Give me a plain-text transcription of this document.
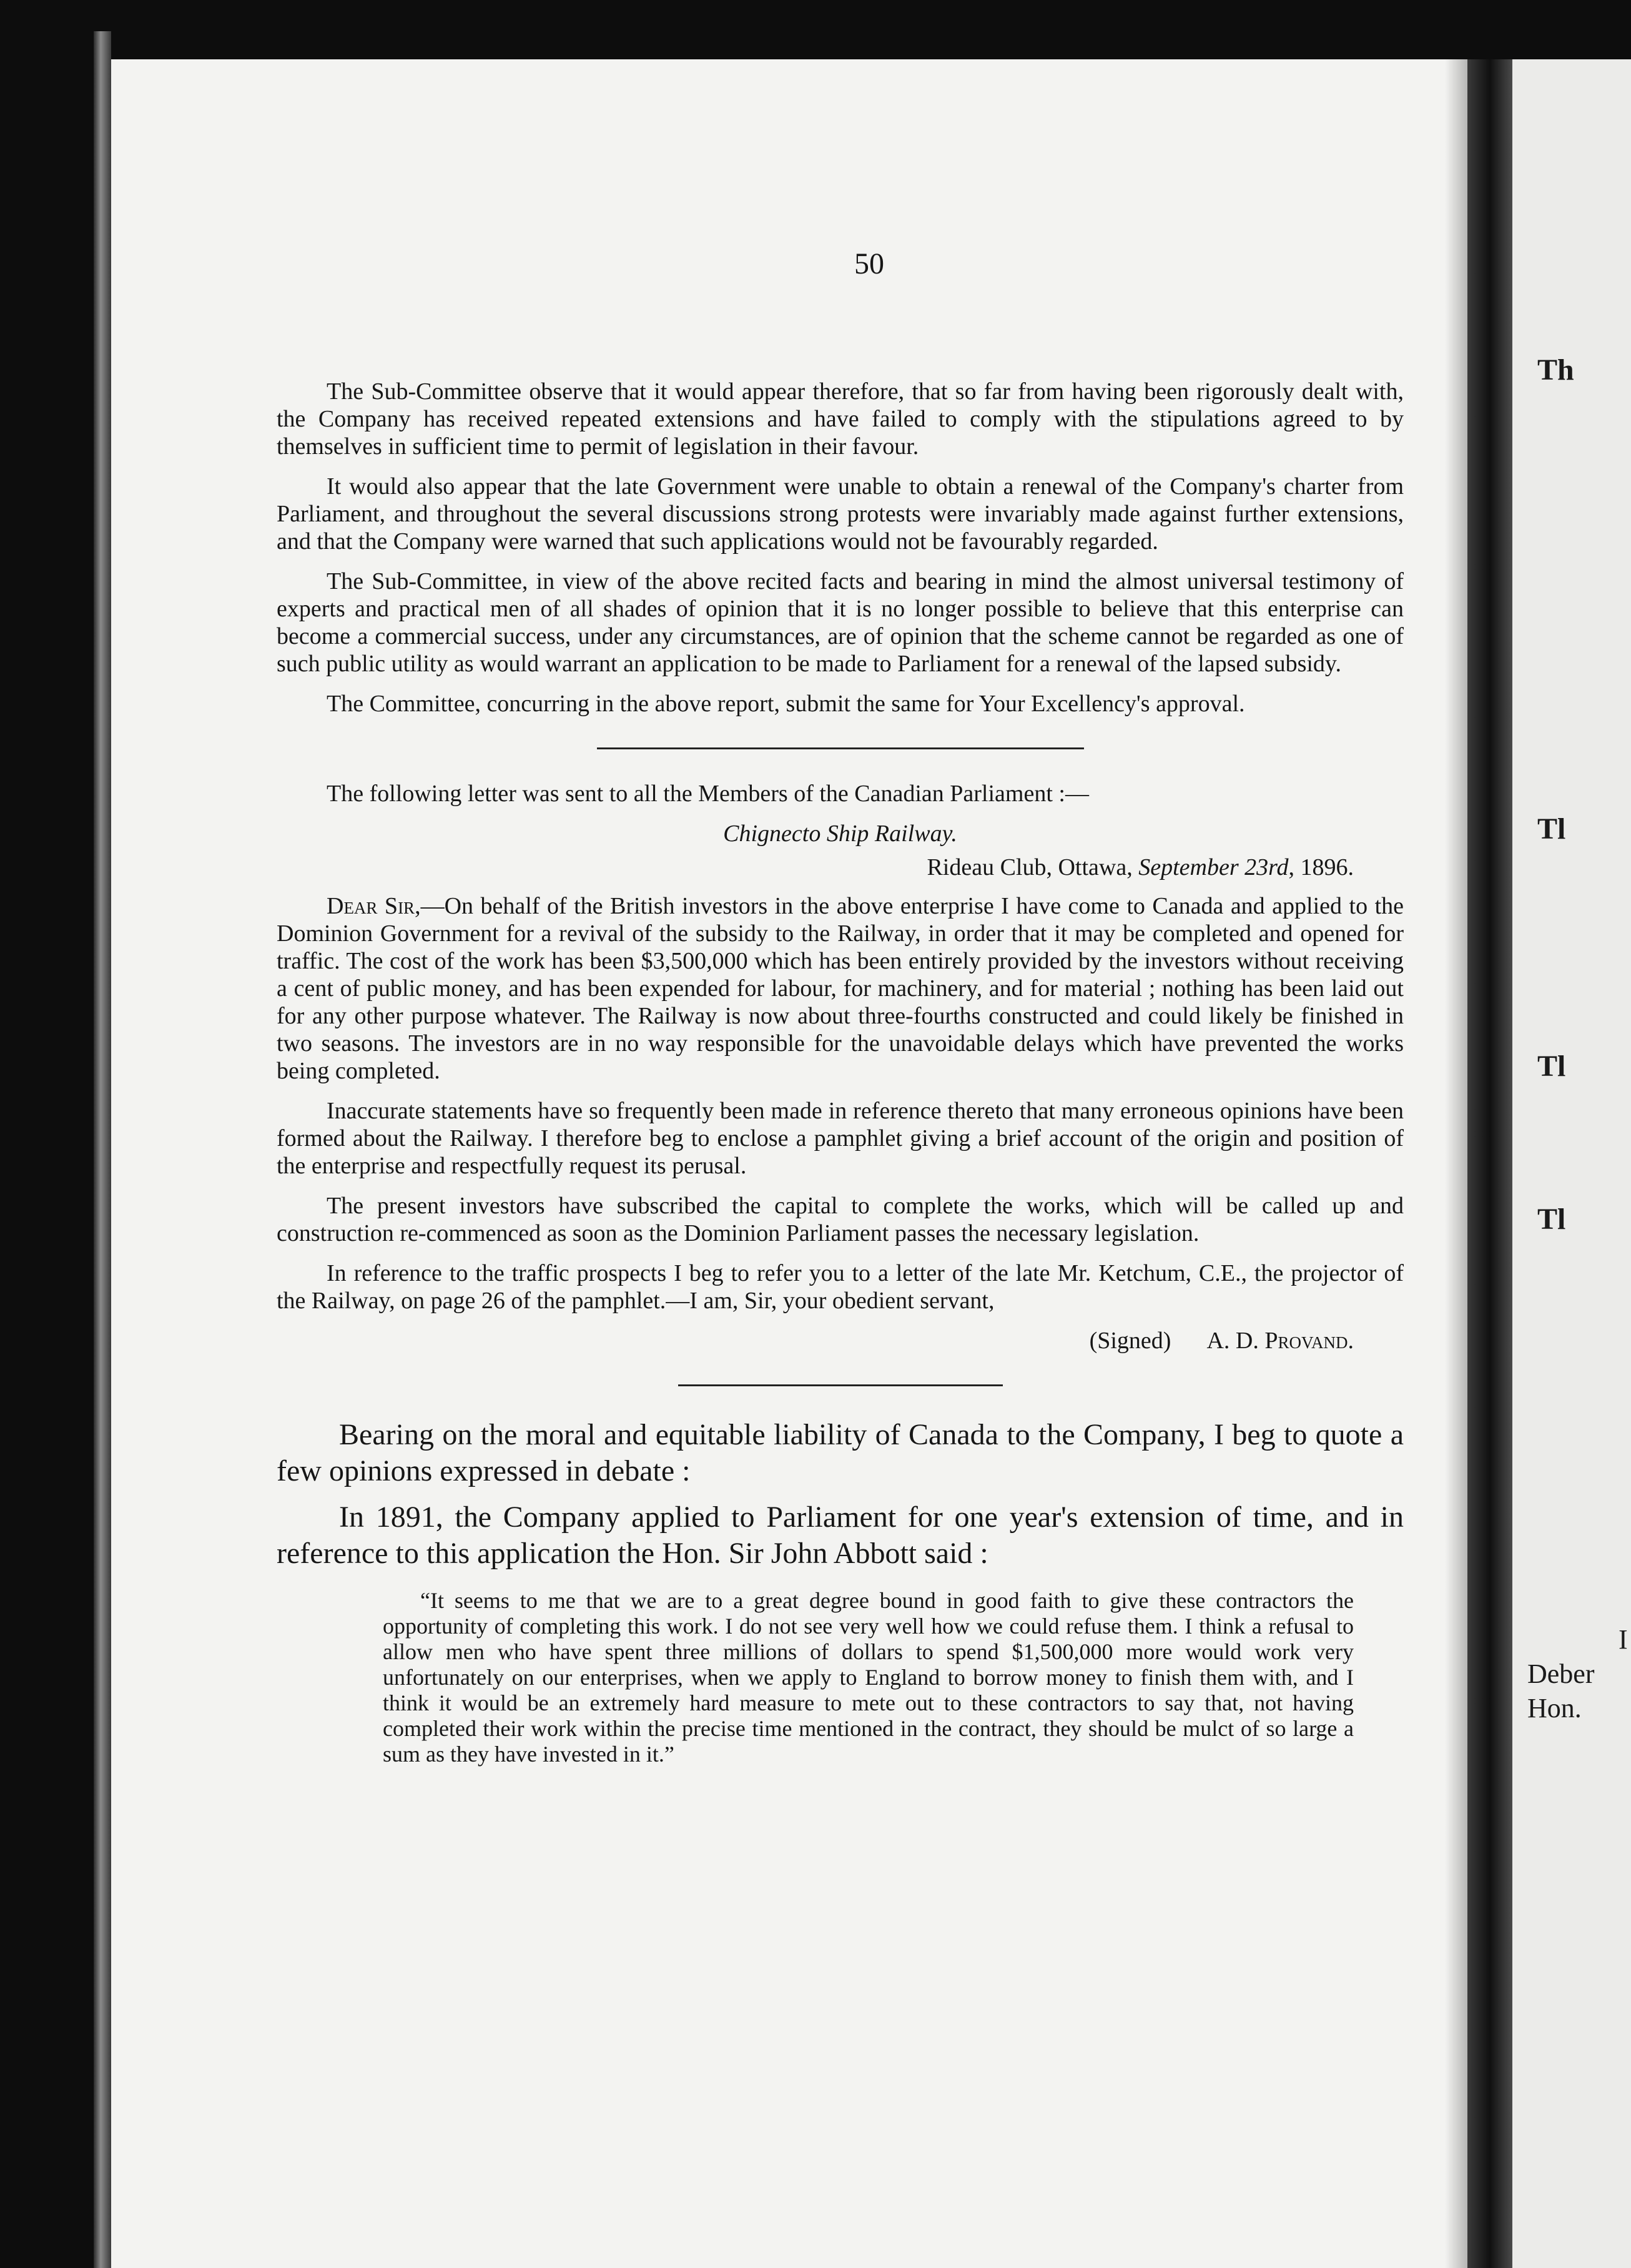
50

The Sub-Committee observe that it would appear therefore, that so far from having been rigorously dealt with, the Company has received repeated extensions and have failed to comply with the stipulations agreed to by themselves in sufficient time to permit of legislation in their favour.

It would also appear that the late Government were unable to obtain a renewal of the Company's charter from Parliament, and throughout the several discussions strong protests were invariably made against further extensions, and that the Company were warned that such applications would not be favourably regarded.

The Sub-Committee, in view of the above recited facts and bearing in mind the almost universal testimony of experts and practical men of all shades of opinion that it is no longer possible to believe that this enterprise can become a commercial success, under any circumstances, are of opinion that the scheme cannot be regarded as one of such public utility as would warrant an application to be made to Parliament for a renewal of the lapsed subsidy.

The Committee, concurring in the above report, submit the same for Your Excellency's approval.

The following letter was sent to all the Members of the Canadian Parliament :—

Chignecto Ship Railway.
Rideau Club, Ottawa, September 23rd, 1896.

Dear Sir,—On behalf of the British investors in the above enterprise I have come to Canada and applied to the Dominion Government for a revival of the subsidy to the Railway, in order that it may be completed and opened for traffic. The cost of the work has been $3,500,000 which has been entirely provided by the investors without receiving a cent of public money, and has been expended for labour, for machinery, and for material ; nothing has been laid out for any other purpose whatever. The Railway is now about three-fourths constructed and could likely be finished in two seasons. The investors are in no way responsible for the unavoidable delays which have prevented the works being completed.

Inaccurate statements have so frequently been made in reference thereto that many erroneous opinions have been formed about the Railway. I therefore beg to enclose a pamphlet giving a brief account of the origin and position of the enterprise and respectfully request its perusal.

The present investors have subscribed the capital to complete the works, which will be called up and construction re-commenced as soon as the Dominion Parliament passes the necessary legislation.

In reference to the traffic prospects I beg to refer you to a letter of the late Mr. Ketchum, C.E., the projector of the Railway, on page 26 of the pamphlet.—I am, Sir, your obedient servant,

(Signed) A. D. Provand.

Bearing on the moral and equitable liability of Canada to the Company, I beg to quote a few opinions expressed in debate :

In 1891, the Company applied to Parliament for one year's extension of time, and in reference to this application the Hon. Sir John Abbott said :

“It seems to me that we are to a great degree bound in good faith to give these contractors the opportunity of completing this work. I do not see very well how we could refuse them. I think a refusal to allow men who have spent three millions of dollars to spend $1,500,000 more would work very unfortunately on our enterprises, when we apply to England to borrow money to finish them with, and I think it would be an extremely hard measure to mete out to these contractors to say that, not having completed their work within the precise time mentioned in the contract, they should be mulct of so large a sum as they have invested in it.”

Th
Tl
Tl
Tl
I
Deber
Hon.
